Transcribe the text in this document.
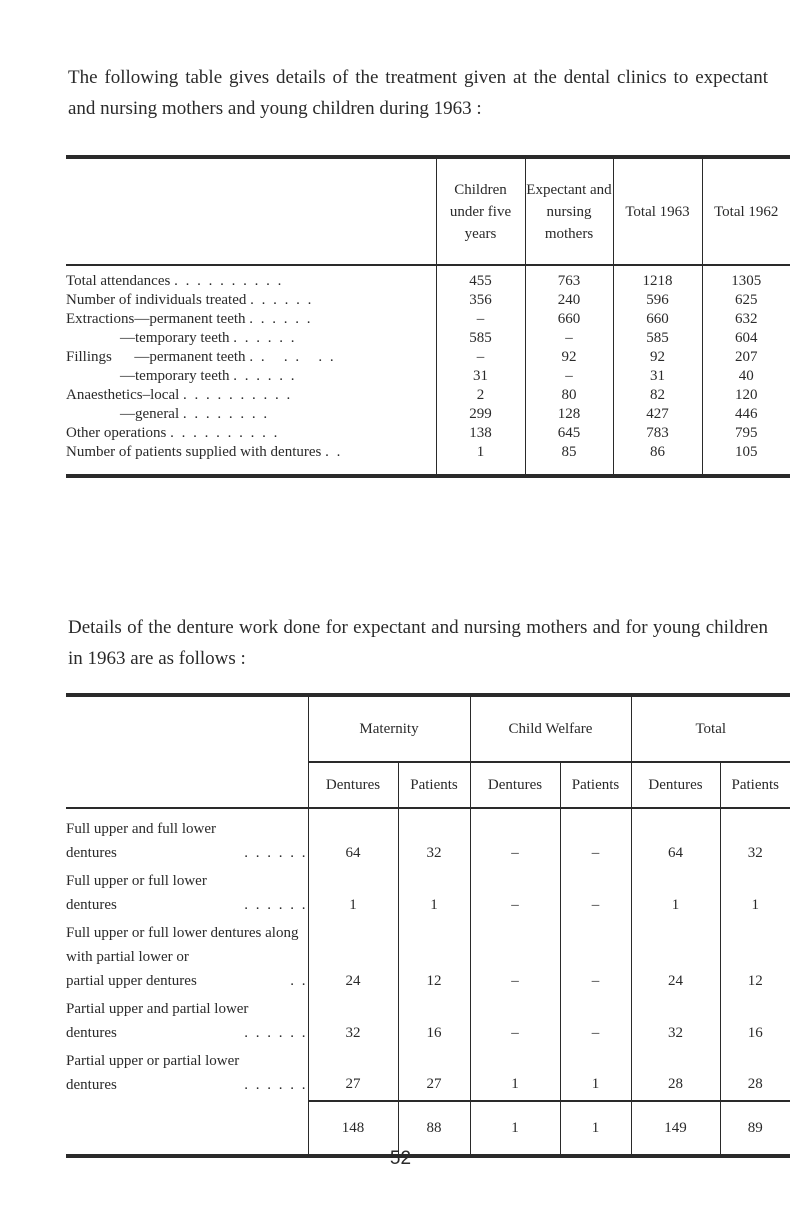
The following table gives details of the treatment given at the dental clinics to expectant and nursing mothers and young children during 1963 :

	Children under five years	Expectant and nursing mothers	Total 1963	Total 1962
Total attendances . . . . . . . . . .	455	763	1218	1305
Number of individuals treated . . . . . .	356	240	596	625
Extractions—permanent teeth . . . . . .	–	660	660	632
—temporary teeth . . . . . .	585	–	585	604
Fillings      —permanent teeth . .   . .   . .	–	92	92	207
—temporary teeth . . . . . .	31	–	31	40
Anaesthetics–local . . . . . . . . . .	2	80	82	120
—general . . . . . . . .	299	128	427	446
Other operations . . . . . . . . . .	138	645	783	795
Number of patients supplied with dentures . .	1	85	86	105

Details of the denture work done for expectant and nursing mothers and for young children in 1963 are as follows :

	Maternity		Child Welfare		Total	
	Dentures	Patients	Dentures	Patients	Dentures	Patients

Full upper and full lower
dentures . . . . . .	64	32	–	–	64	32

Full upper or full lower
dentures . . . . . .	1	1	–	–	1	1

Full upper or full lower dentures along with partial lower or
partial upper dentures . .	24	12	–	–	24	12

Partial upper and partial lower
dentures . . . . . .	32	16	–	–	32	16

Partial upper or partial lower
dentures . . . . . .	27	27	1	1	28	28
	148	88	1	1	149	89
52
